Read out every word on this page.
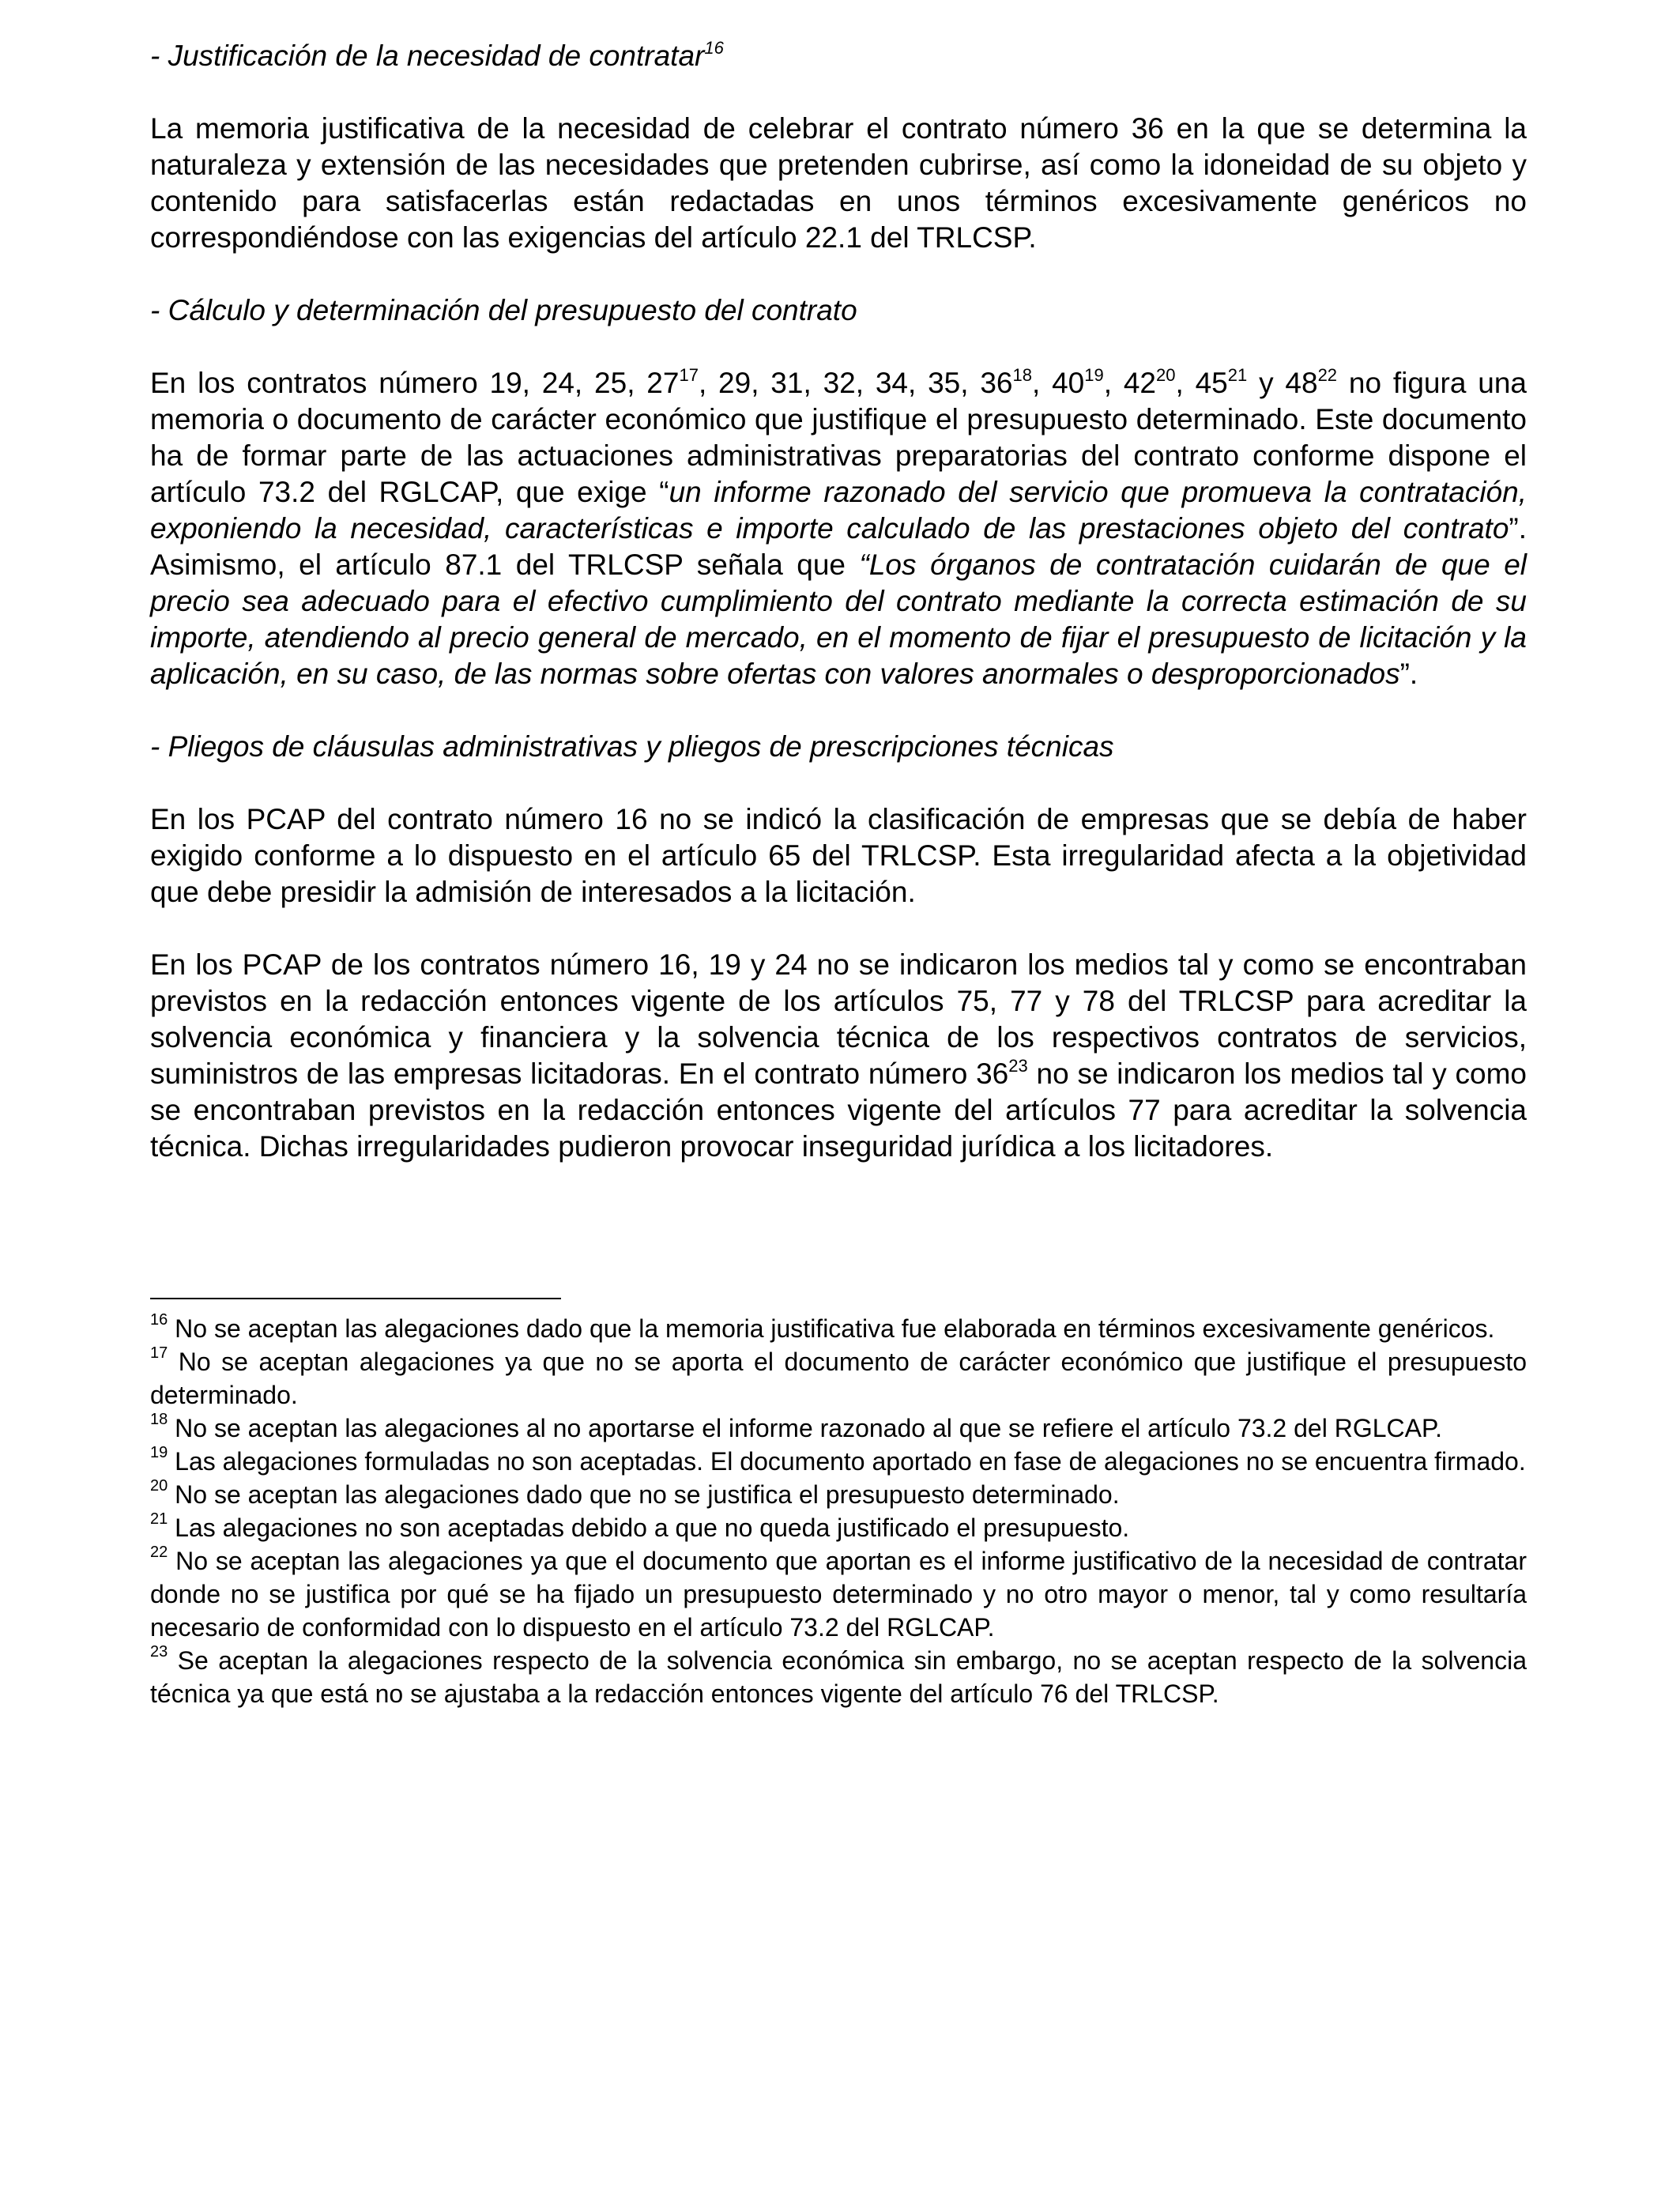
- Justificación de la necesidad de contratar$^{16}$

La memoria justificativa de la necesidad de celebrar el contrato número 36 en la que se determina la naturaleza y extensión de las necesidades que pretenden cubrirse, así como la idoneidad de su objeto y contenido para satisfacerlas están redactadas en unos términos excesivamente genéricos no correspondiéndose con las exigencias del artículo 22.1 del TRLCSP.

- Cálculo y determinación del presupuesto del contrato

En los contratos número 19, 24, 25, $27^{17}$, 29, 31, 32, 34, 35, $36^{18}$, $40^{19}$, $42^{20}$, $45^{21}$ y $48^{22}$ no figura una memoria o documento de carácter económico que justifique el presupuesto determinado. Este documento ha de formar parte de las actuaciones administrativas preparatorias del contrato conforme dispone el artículo 73.2 del RGLCAP, que exige “un informe razonado del servicio que promueva la contratación, exponiendo la necesidad, características e importe calculado de las prestaciones objeto del contrato”. Asimismo, el artículo 87.1 del TRLCSP señala que “Los órganos de contratación cuidarán de que el precio sea adecuado para el efectivo cumplimiento del contrato mediante la correcta estimación de su importe, atendiendo al precio general de mercado, en el momento de fijar el presupuesto de licitación y la aplicación, en su caso, de las normas sobre ofertas con valores anormales o desproporcionados”.

- Pliegos de cláusulas administrativas y pliegos de prescripciones técnicas

En los PCAP del contrato número 16 no se indicó la clasificación de empresas que se debía de haber exigido conforme a lo dispuesto en el artículo 65 del TRLCSP. Esta irregularidad afecta a la objetividad que debe presidir la admisión de interesados a la licitación.

En los PCAP de los contratos número 16, 19 y 24 no se indicaron los medios tal y como se encontraban previstos en la redacción entonces vigente de los artículos 75, 77 y 78 del TRLCSP para acreditar la solvencia económica y financiera y la solvencia técnica de los respectivos contratos de servicios, suministros de las empresas licitadoras. En el contrato número $36^{23}$ no se indicaron los medios tal y como se encontraban previstos en la redacción entonces vigente del artículos 77 para acreditar la solvencia técnica. Dichas irregularidades pudieron provocar inseguridad jurídica a los licitadores.

$^{16}$ No se aceptan las alegaciones dado que la memoria justificativa fue elaborada en términos excesivamente genéricos.

$^{17}$ No se aceptan alegaciones ya que no se aporta el documento de carácter económico que justifique el presupuesto determinado.

$^{18}$ No se aceptan las alegaciones al no aportarse el informe razonado al que se refiere el artículo 73.2 del RGLCAP.

$^{19}$ Las alegaciones formuladas no son aceptadas. El documento aportado en fase de alegaciones no se encuentra firmado.

$^{20}$ No se aceptan las alegaciones dado que no se justifica el presupuesto determinado.

$^{21}$ Las alegaciones no son aceptadas debido a que no queda justificado el presupuesto.

$^{22}$ No se aceptan las alegaciones ya que el documento que aportan es el informe justificativo de la necesidad de contratar donde no se justifica por qué se ha fijado un presupuesto determinado y no otro mayor o menor, tal y como resultaría necesario de conformidad con lo dispuesto en el artículo 73.2 del RGLCAP.

$^{23}$ Se aceptan la alegaciones respecto de la solvencia económica sin embargo, no se aceptan respecto de la solvencia técnica ya que está no se ajustaba a la redacción entonces vigente del artículo 76 del TRLCSP.
